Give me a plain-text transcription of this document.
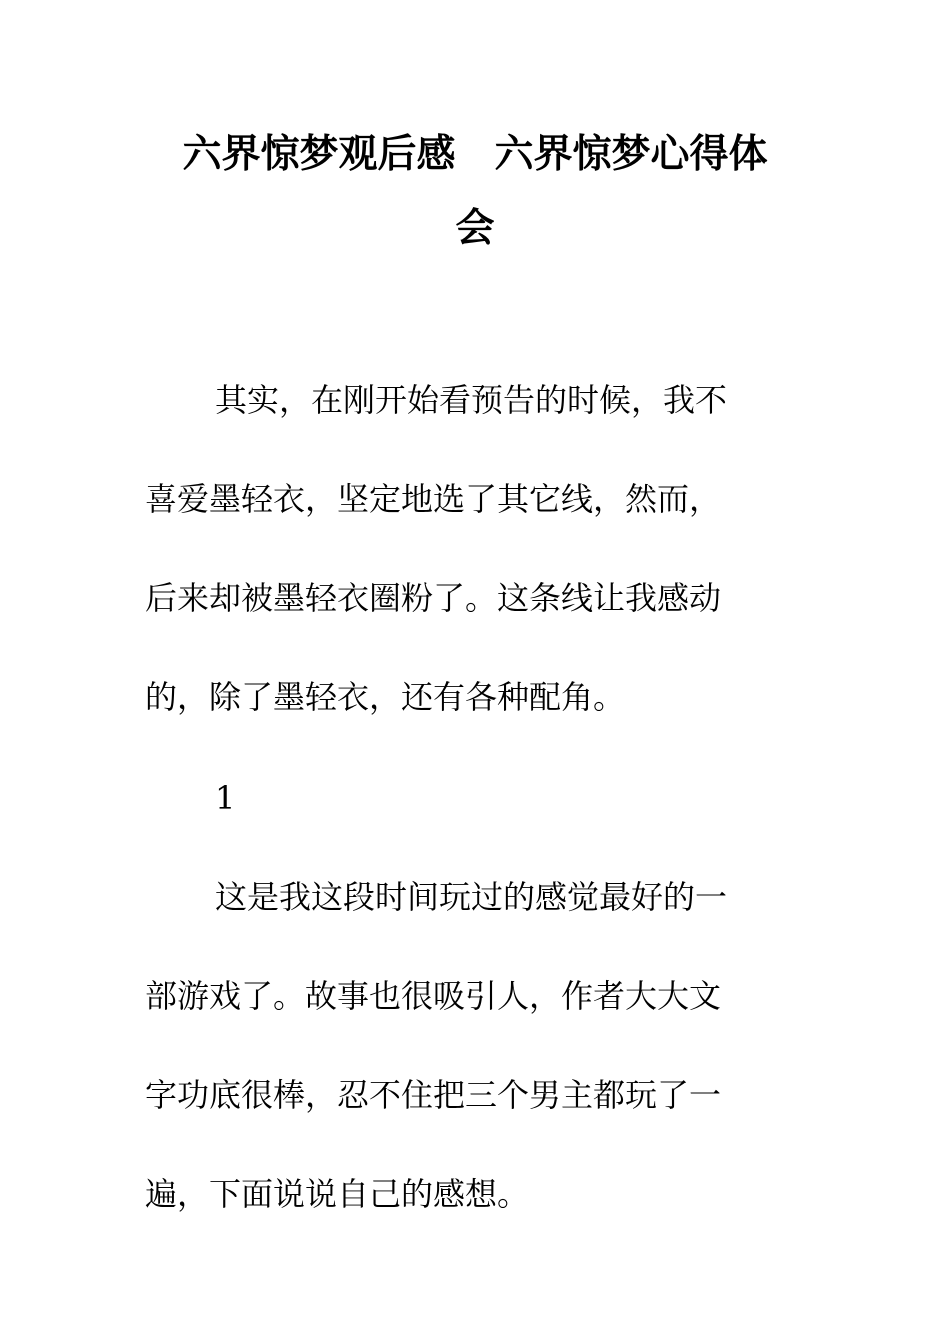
六界惊梦观后感　六界惊梦心得体
会
其实，在刚开始看预告的时候，我不
喜爱墨轻衣，坚定地选了其它线，然而，
后来却被墨轻衣圈粉了。这条线让我感动
的，除了墨轻衣，还有各种配角。
1
这是我这段时间玩过的感觉最好的一
部游戏了。故事也很吸引人，作者大大文
字功底很棒，忍不住把三个男主都玩了一
遍，下面说说自己的感想。
